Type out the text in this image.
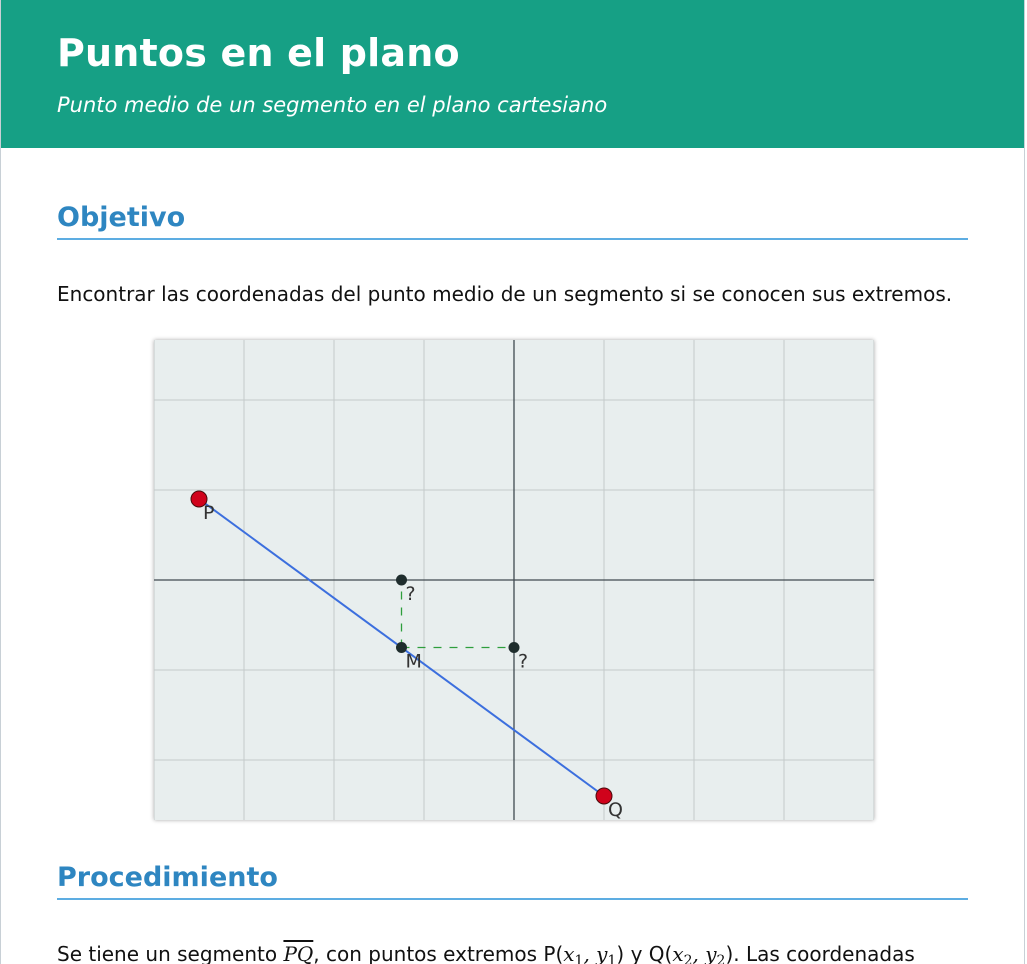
Puntos en el plano
Punto medio de un segmento en el plano cartesiano
Objetivo

Encontrar las coordenadas del punto medio de un segmento si se conocen sus extremos.

P
Q
M
?
?
Procedimiento

Se tiene un segmento $\overline{PQ}$, con puntos extremos $P(x_1$, $y_1$) y $Q(x_2$, $y_2$). Las coordenadas
